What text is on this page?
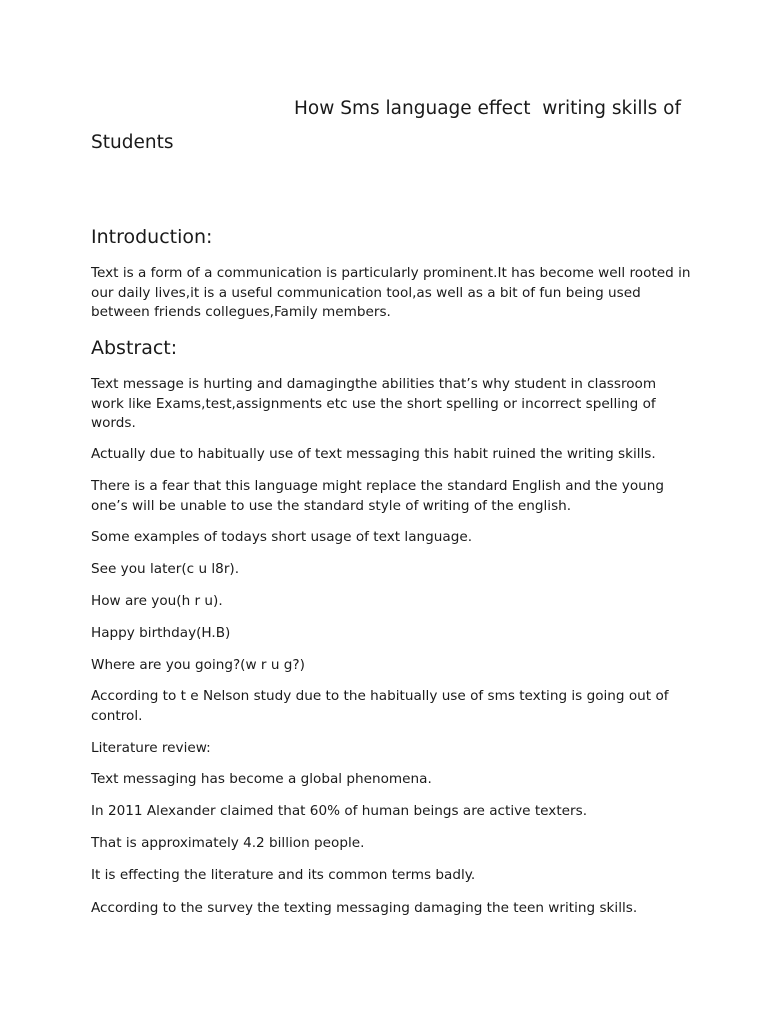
How Sms language effect  writing skills of Students
Introduction:

Text is a form of a communication is particularly prominent.It has become well rooted in our daily lives,it is a useful communication tool,as well as a bit of fun being used between friends collegues,Family members.

Abstract:

Text message is hurting and damagingthe abilities that’s why student in classroom work like Exams,test,assignments etc use the short spelling or incorrect spelling of words.

Actually due to habitually use of text messaging this habit ruined the writing skills.

There is a fear that this language might replace the standard English and the young one’s will be unable to use the standard style of writing of the english.

Some examples of todays short usage of text language.

See you later(c u l8r).

How are you(h r u).

Happy birthday(H.B)

Where are you going?(w r u g?)

According to t e Nelson study due to the habitually use of sms texting is going out of control.

Literature review:

Text messaging has become a global phenomena.

In 2011 Alexander claimed that 60% of human beings are active texters.

That is approximately 4.2 billion people.

It is effecting the literature and its common terms badly.

According to the survey the texting messaging damaging the teen writing skills.
